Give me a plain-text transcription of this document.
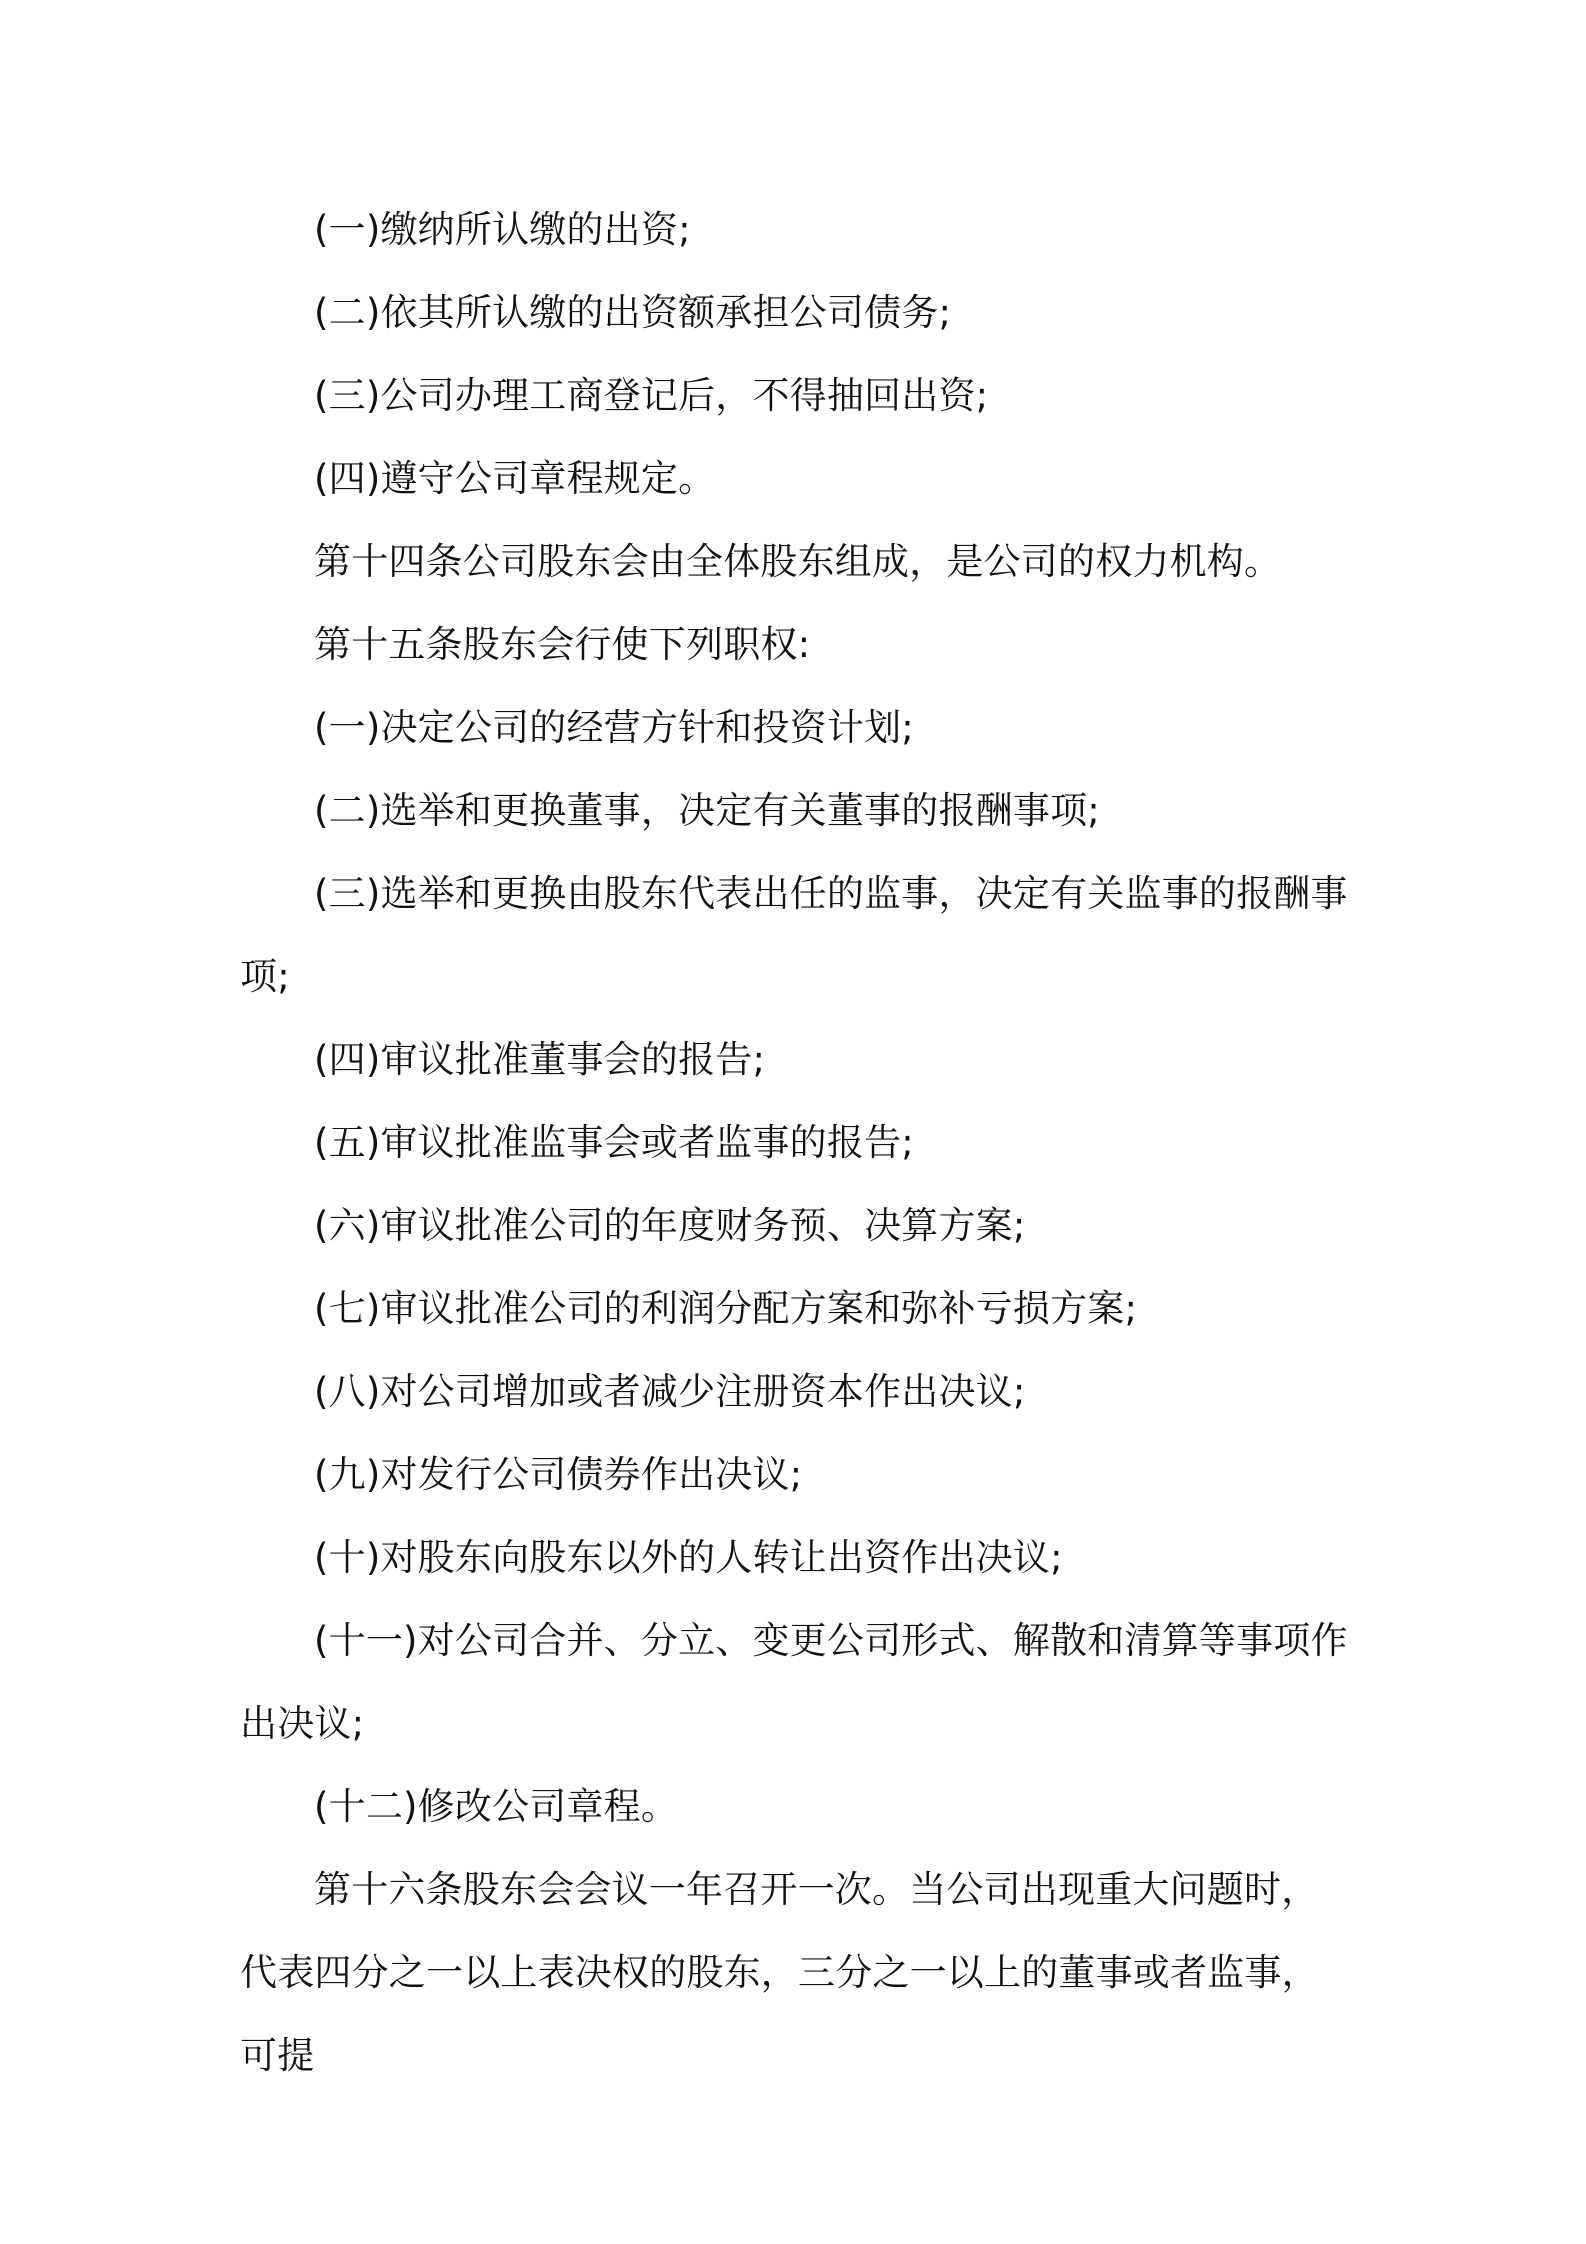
(一)缴纳所认缴的出资;

(二)依其所认缴的出资额承担公司债务;

(三)公司办理工商登记后，不得抽回出资;

(四)遵守公司章程规定。

第十四条公司股东会由全体股东组成，是公司的权力机构。

第十五条股东会行使下列职权:

(一)决定公司的经营方针和投资计划;

(二)选举和更换董事，决定有关董事的报酬事项;

(三)选举和更换由股东代表出任的监事，决定有关监事的报酬事项;

(四)审议批准董事会的报告;

(五)审议批准监事会或者监事的报告;

(六)审议批准公司的年度财务预、决算方案;

(七)审议批准公司的利润分配方案和弥补亏损方案;

(八)对公司增加或者减少注册资本作出决议;

(九)对发行公司债券作出决议;

(十)对股东向股东以外的人转让出资作出决议;

(十一)对公司合并、分立、变更公司形式、解散和清算等事项作出决议;

(十二)修改公司章程。

第十六条股东会会议一年召开一次。当公司出现重大问题时，代表四分之一以上表决权的股东，三分之一以上的董事或者监事，可提
